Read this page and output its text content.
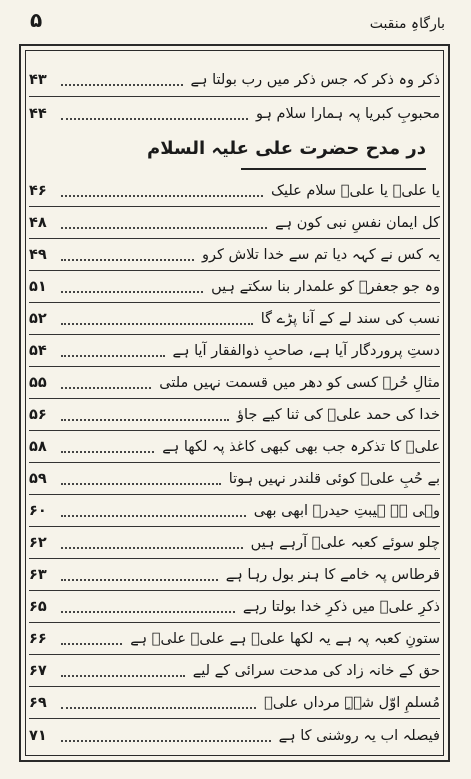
۵	بارگاہِ منقبت
ذکر وہ ذکر کہ جس ذکر میں رب بولتا ہے
۴۳
محبوبِ کبریا پہ ہمارا سلام ہو
۴۴
در مدح حضرت علی علیہ السلام
یا علیؑ یا علیؑ سلام علیک
۴۶
کل ایمان نفسِ نبی کون ہے
۴۸
یہ کس نے کہہ دیا تم سے خدا تلاش کرو
۴۹
وہ جو جعفرؑ کو علمدار بنا سکتے ہیں
۵۱
نسب کی سند لے کے آنا پڑے گا
۵۲
دستِ پروردگار آیا ہے، صاحبِ ذوالفقار آیا ہے
۵۴
مثالِ حُرؑ کسی کو دھر میں قسمت نہیں ملتی
۵۵
خدا کی حمد علیؑ کی ثنا کیے جاؤ
۵۶
علیؑ کا تذکرہ جب بھی کبھی کاغذ پہ لکھا ہے
۵۸
بے حُبِ علیؑ کوئی قلندر نہیں ہوتا
۵۹
وہی ہے ہیبتِ حیدرؑ ابھی بھی
۶۰
چلو سوئے کعبہ علیؑ آرہے ہیں
۶۲
قرطاس پہ خامے کا ہنر بول رہا ہے
۶۳
ذکرِ علیؑ میں ذکرِ خدا بولتا رہے
۶۵
ستونِ کعبہ پہ ہے یہ لکھا علیؑ ہے علیؑ علیؑ ہے
۶۶
حق کے خانہ زاد کی مدحت سرائی کے لیے
۶۷
مُسلمِ اوّل شہہِ مرداں علیؑ
۶۹
فیصلہ اب یہ روشنی کا ہے
۷۱
